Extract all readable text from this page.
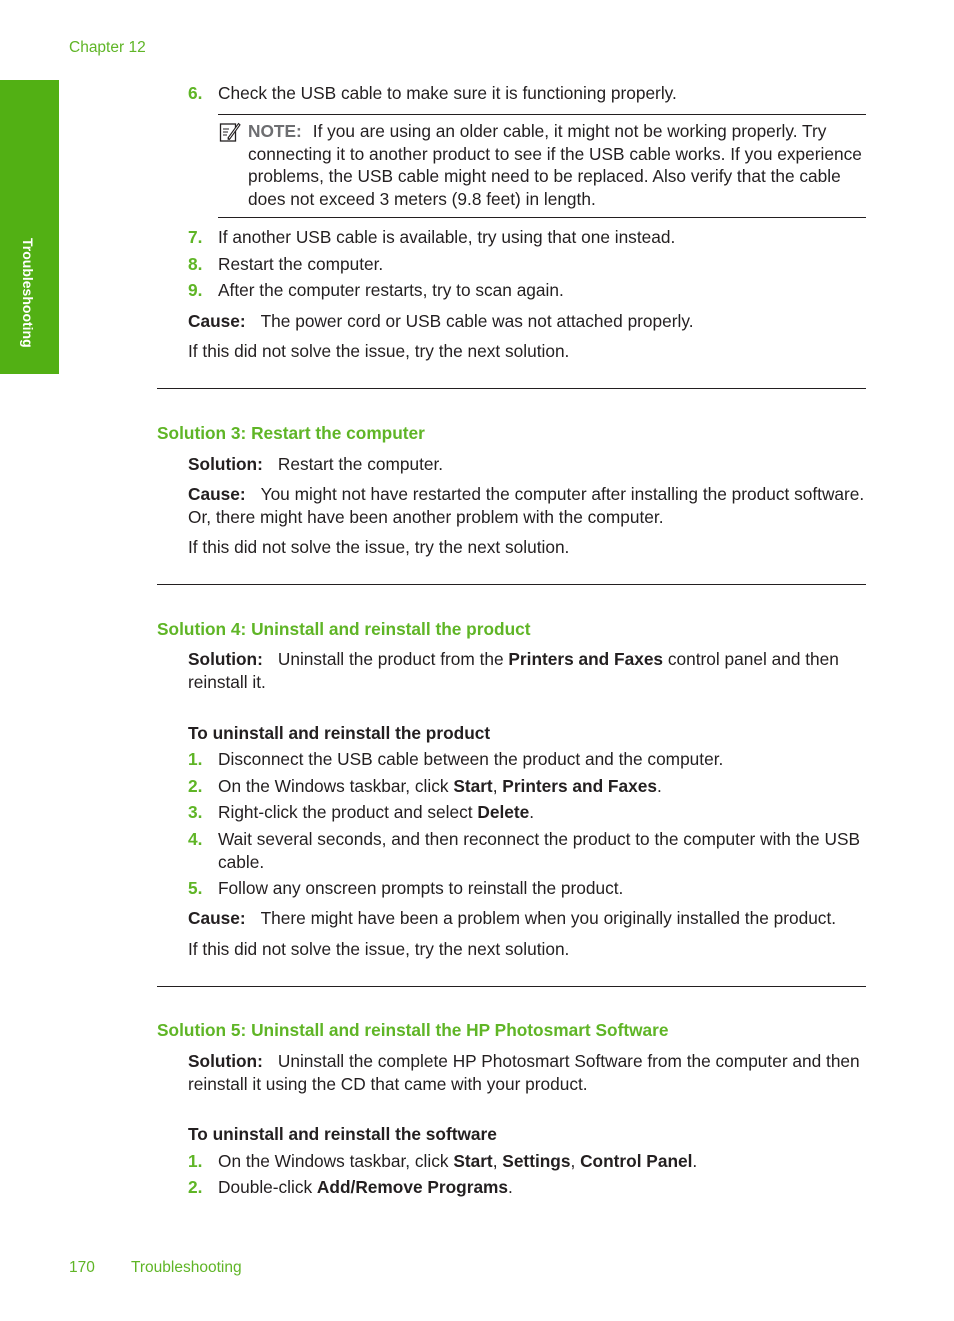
Chapter 12
Troubleshooting
6. Check the USB cable to make sure it is functioning properly.
NOTE: If you are using an older cable, it might not be working properly. Try connecting it to another product to see if the USB cable works. If you experience problems, the USB cable might need to be replaced. Also verify that the cable does not exceed 3 meters (9.8 feet) in length.
7. If another USB cable is available, try using that one instead.
8. Restart the computer.
9. After the computer restarts, try to scan again.
Cause: The power cord or USB cable was not attached properly.
If this did not solve the issue, try the next solution.
Solution 3: Restart the computer
Solution: Restart the computer.
Cause: You might not have restarted the computer after installing the product software. Or, there might have been another problem with the computer.
If this did not solve the issue, try the next solution.
Solution 4: Uninstall and reinstall the product
Solution: Uninstall the product from the Printers and Faxes control panel and then reinstall it.
To uninstall and reinstall the product
1. Disconnect the USB cable between the product and the computer.
2. On the Windows taskbar, click Start, Printers and Faxes.
3. Right-click the product and select Delete.
4. Wait several seconds, and then reconnect the product to the computer with the USB cable.
5. Follow any onscreen prompts to reinstall the product.
Cause: There might have been a problem when you originally installed the product.
If this did not solve the issue, try the next solution.
Solution 5: Uninstall and reinstall the HP Photosmart Software
Solution: Uninstall the complete HP Photosmart Software from the computer and then reinstall it using the CD that came with your product.
To uninstall and reinstall the software
1. On the Windows taskbar, click Start, Settings, Control Panel.
2. Double-click Add/Remove Programs.
170 Troubleshooting
